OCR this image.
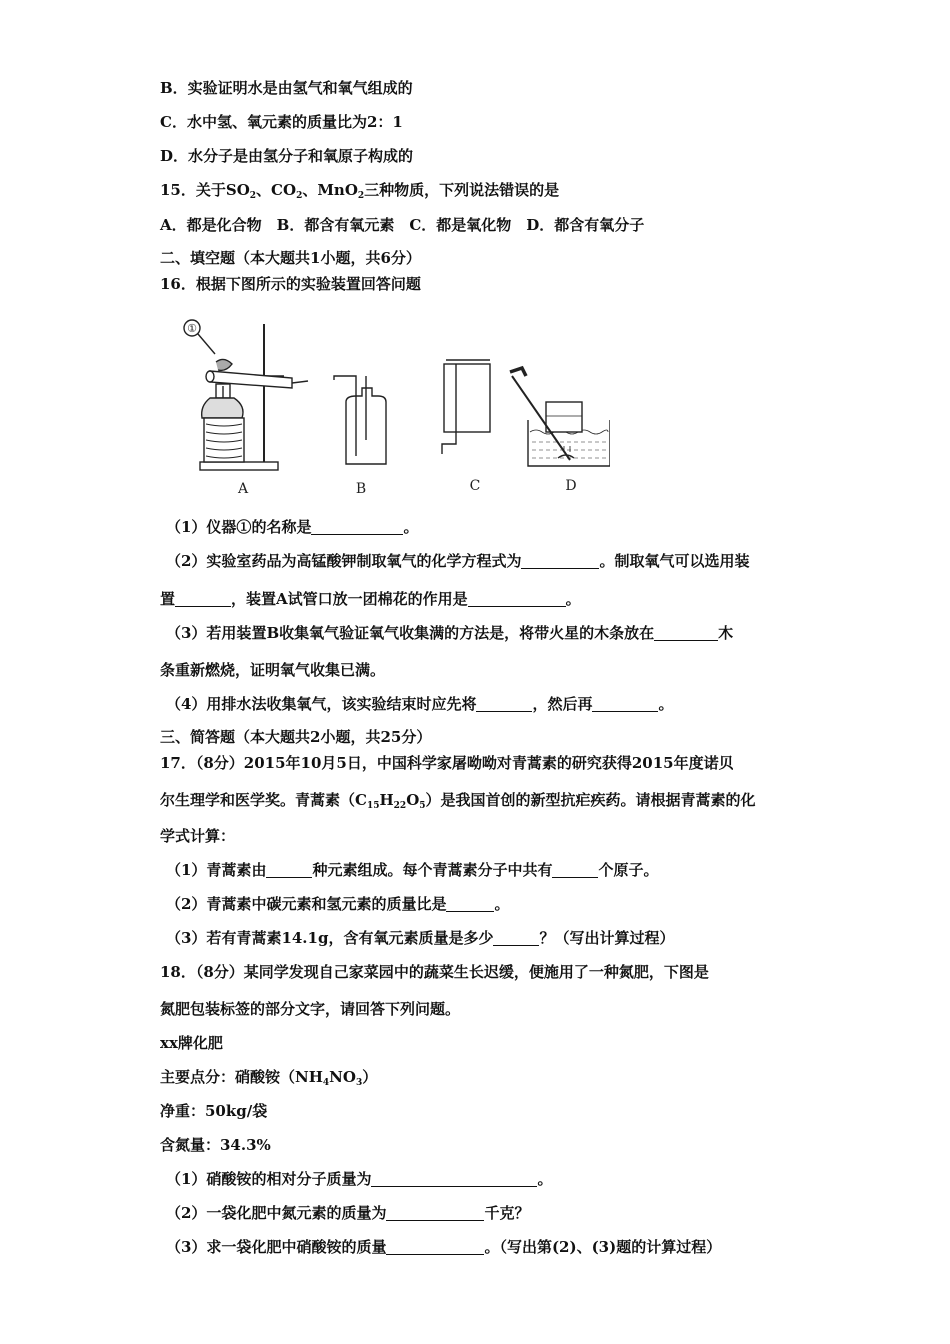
B．实验证明水是由氢气和氧气组成的
C．水中氢、氧元素的质量比为2：1
D．水分子是由氢分子和氧原子构成的
15．关于$SO_2$、$CO_2$、MnO$_2$三种物质，下列说法错误的是
A．都是化合物　B．都含有氧元素　C．都是氧化物　D．都含有氧分子
二、填空题（本大题共1小题，共6分）
16．根据下图所示的实验装置回答问题
①
A	B	C	D
（1）仪器①的名称是	。
（2）实验室药品为高锰酸钾制取氧气的化学方程式为	。制取氧气可以选用装
置	，装置A试管口放一团棉花的作用是	。
（3）若用装置B收集氧气验证氧气收集满的方法是，将带火星的木条放在	木
条重新燃烧，证明氧气收集已满。
（4）用排水法收集氧气，该实验结束时应先将	，然后再	。
三、简答题（本大题共2小题，共25分）
17．（8分）2015年10月5日，中国科学家屠呦呦对青蒿素的研究获得2015年度诺贝
尔生理学和医学奖。青蒿素$(C_{15}H_{22}O_5)$是我国首创的新型抗疟疾药。请根据青蒿素的化
学式计算：
（1）青蒿素由	种元素组成。每个青蒿素分子中共有	个原子。
（2）青蒿素中碳元素和氢元素的质量比是	。
（3）若有青蒿素14.1g，含有氧元素质量是多少	？（写出计算过程）
18．（8分）某同学发现自己家菜园中的蔬菜生长迟缓，便施用了一种氮肥，下图是
氮肥包装标签的部分文字，请回答下列问题。
xx牌化肥
主要点分：硝酸铵$(NH_4NO_3)$
净重：50kg/袋
含氮量：34.3%
（1）硝酸铵的相对分子质量为	。
（2）一袋化肥中氮元素的质量为	千克？
（3）求一袋化肥中硝酸铵的质量	。（写出第(2)、(3)题的计算过程）
